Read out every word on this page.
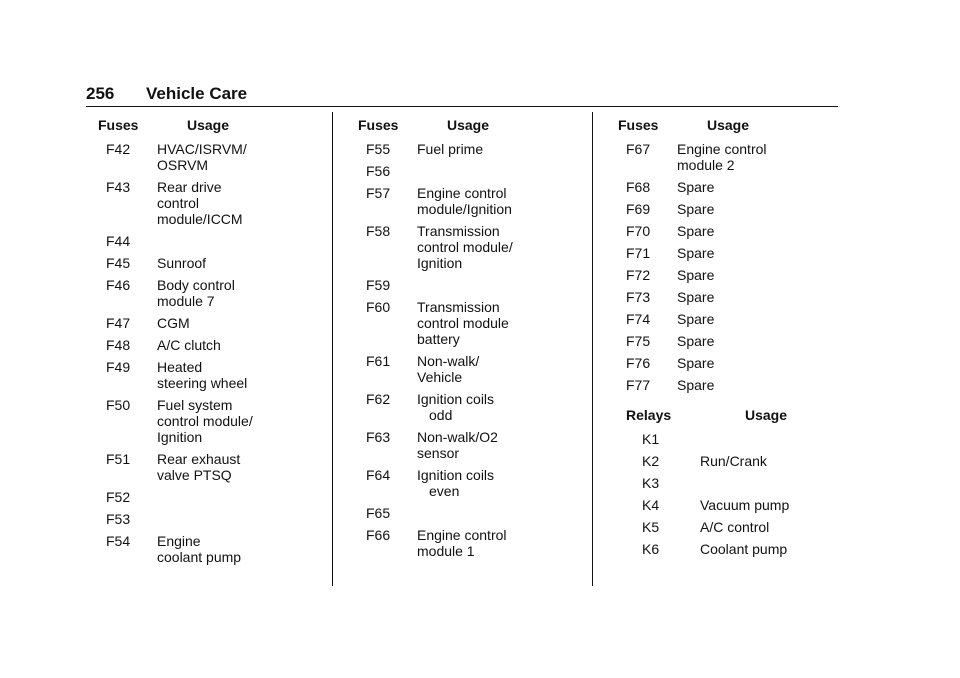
256 Vehicle Care
Fuses	Usage
F42 HVAC/ISRVM/
OSRVM
F43 Rear drive
control
module/ICCM
F44
F45 Sunroof
F46 Body control
module 7
F47 CGM
F48 A/C clutch
F49 Heated
steering wheel
F50 Fuel system
control module/
Ignition
F51 Rear exhaust
valve PTSQ
F52
F53
F54 Engine
coolant pump
Fuses	Usage
F55 Fuel prime
F56
F57 Engine control
module/Ignition
F58 Transmission
control module/
Ignition
F59
F60 Transmission
control module
battery
F61 Non-walk/
Vehicle
F62 Ignition coils
odd
F63 Non-walk/O2
sensor
F64 Ignition coils
even
F65
F66 Engine control
module 1
Fuses	Usage
F67 Engine control
module 2
F68 Spare
F69 Spare
F70 Spare
F71 Spare
F72 Spare
F73 Spare
F74 Spare
F75 Spare
F76 Spare
F77 Spare
Relays	Usage
K1
K2	Run/Crank
K3
K4	Vacuum pump
K5	A/C control
K6	Coolant pump
